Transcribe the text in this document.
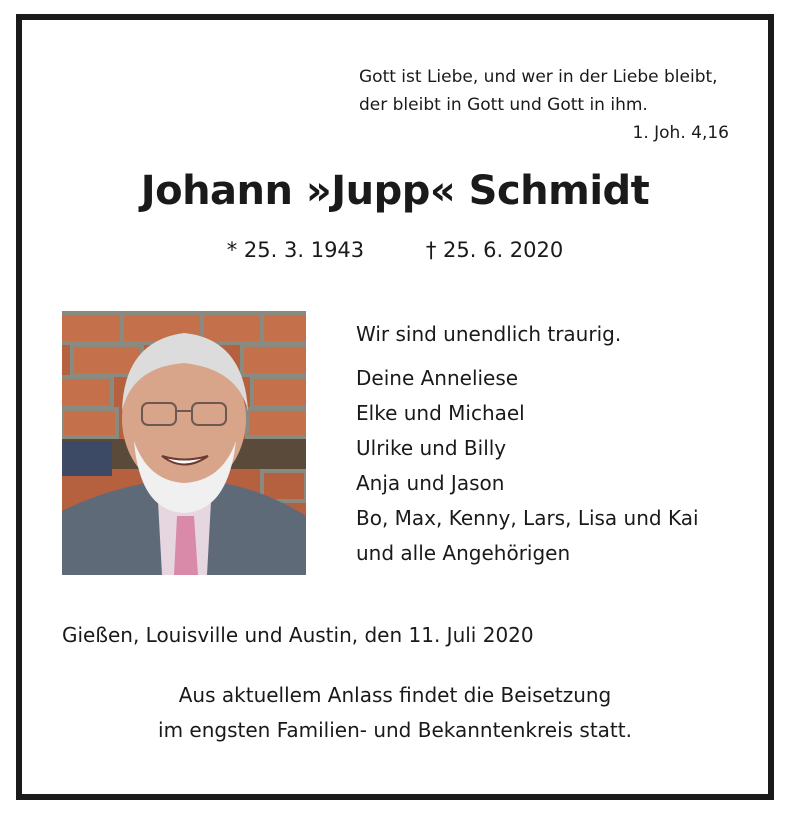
Gott ist Liebe, und wer in der Liebe bleibt,
der bleibt in Gott und Gott in ihm.
1. Joh. 4,16
Johann »Jupp« Schmidt
* 25. 3. 1943	† 25. 6. 2020
Wir sind unendlich traurig.
Deine Anneliese
Elke und Michael
Ulrike und Billy
Anja und Jason
Bo, Max, Kenny, Lars, Lisa und Kai
und alle Angehörigen
Gießen, Louisville und Austin, den 11. Juli 2020
Aus aktuellem Anlass findet die Beisetzung
im engsten Familien- und Bekanntenkreis statt.
